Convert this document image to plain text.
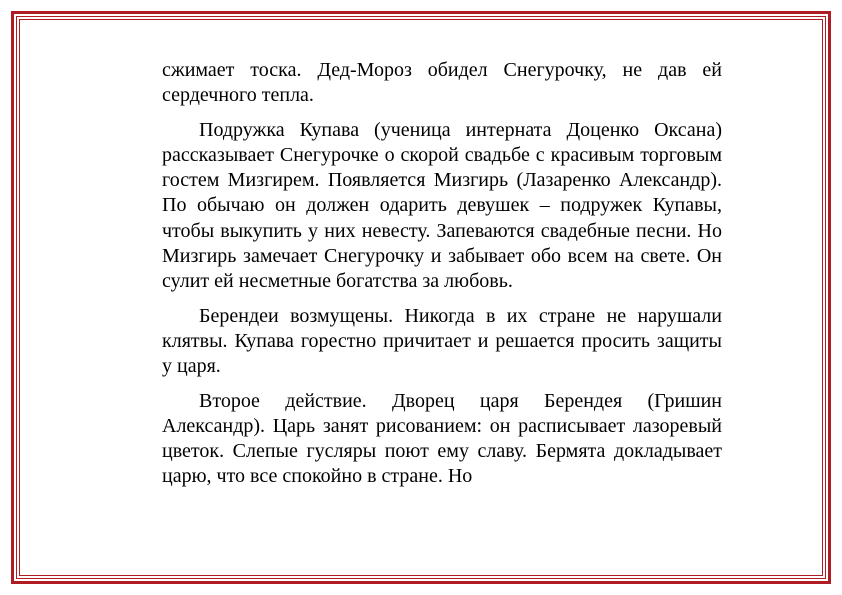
сжимает тоска. Дед-Мороз обидел Снегурочку, не дав ей сердечного тепла.

Подружка Купава (ученица интерната Доценко Оксана) рассказывает Снегурочке о скорой свадьбе с красивым торговым гостем Мизгирем. Появляется Мизгирь (Лазаренко Александр). По обычаю он должен одарить девушек – подружек Купавы, чтобы выкупить у них невесту. Запеваются свадебные песни. Но Мизгирь замечает Снегурочку и забывает обо всем на свете. Он сулит ей несметные богатства за любовь.

Берендеи возмущены. Никогда в их стране не нарушали клятвы. Купава горестно причитает и решается просить защиты у царя.

Второе действие. Дворец царя Берендея (Гришин Александр). Царь занят рисованием: он расписывает лазоревый цветок. Слепые гусляры поют ему славу. Бермята докладывает царю, что все спокойно в стране. Но
